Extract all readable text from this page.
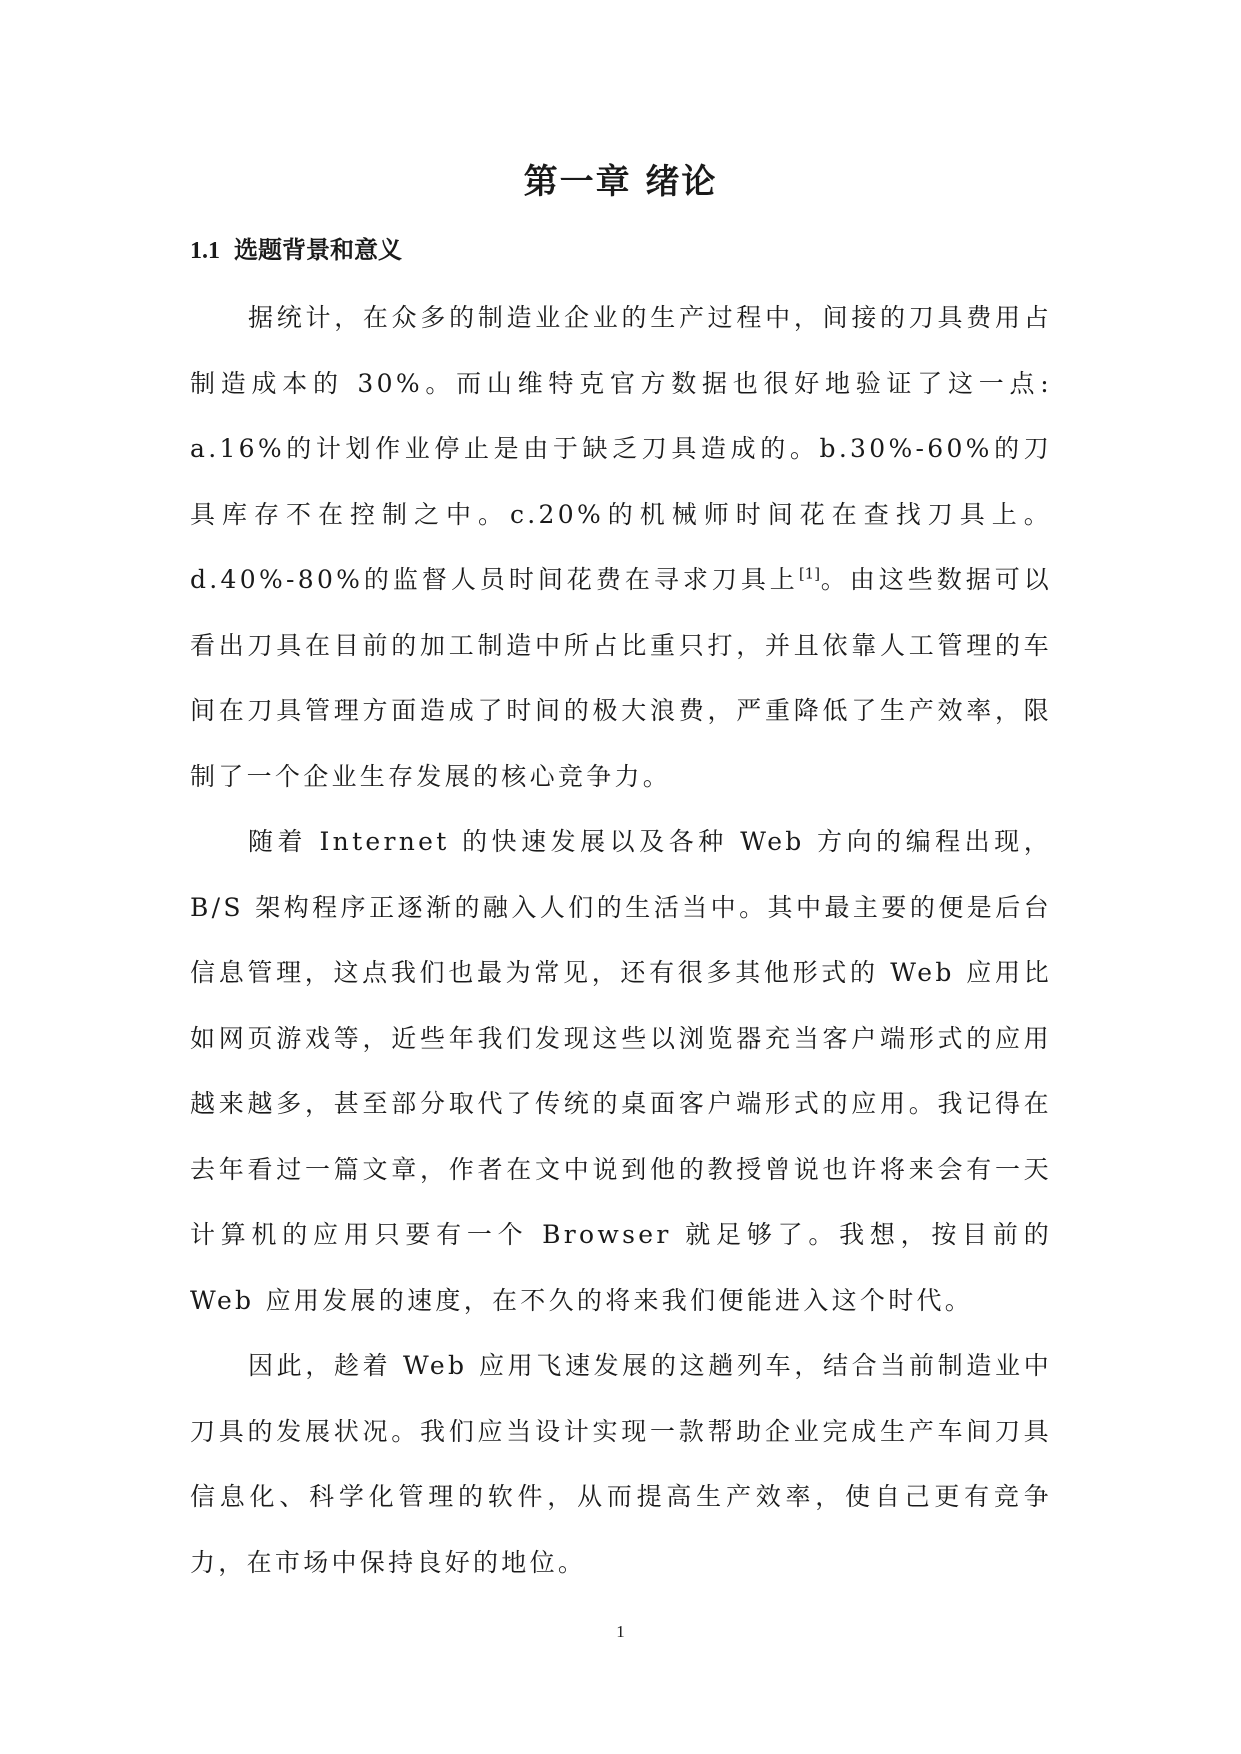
第一章 绪论
1.1 选题背景和意义

据统计，在众多的制造业企业的生产过程中，间接的刀具费用占制造成本的 30%。而山维特克官方数据也很好地验证了这一点: a.16%的计划作业停止是由于缺乏刀具造成的。b.30%-60%的刀具库存不在控制之中。c.20%的机械师时间花在查找刀具上。d.40%-80%的监督人员时间花费在寻求刀具上[1]。由这些数据可以看出刀具在目前的加工制造中所占比重只打，并且依靠人工管理的车间在刀具管理方面造成了时间的极大浪费，严重降低了生产效率，限制了一个企业生存发展的核心竞争力。

随着 Internet 的快速发展以及各种 Web 方向的编程出现，B/S 架构程序正逐渐的融入人们的生活当中。其中最主要的便是后台信息管理，这点我们也最为常见，还有很多其他形式的 Web 应用比如网页游戏等，近些年我们发现这些以浏览器充当客户端形式的应用越来越多，甚至部分取代了传统的桌面客户端形式的应用。我记得在去年看过一篇文章，作者在文中说到他的教授曾说也许将来会有一天计算机的应用只要有一个 Browser 就足够了。我想，按目前的 Web 应用发展的速度，在不久的将来我们便能进入这个时代。

因此，趁着 Web 应用飞速发展的这趟列车，结合当前制造业中刀具的发展状况。我们应当设计实现一款帮助企业完成生产车间刀具信息化、科学化管理的软件，从而提高生产效率，使自己更有竞争力，在市场中保持良好的地位。

1
